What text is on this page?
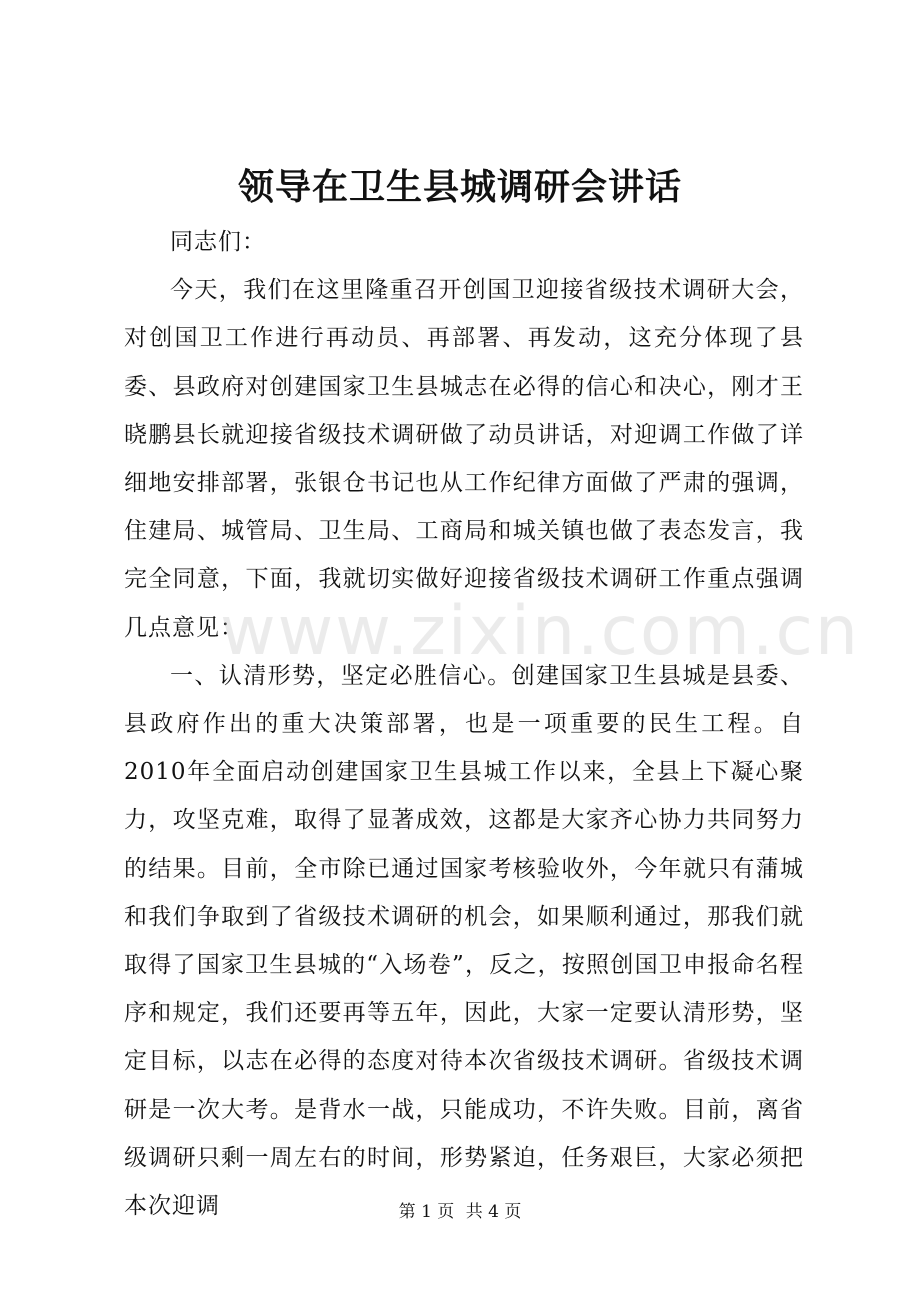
领导在卫生县城调研会讲话

同志们：

今天，我们在这里隆重召开创国卫迎接省级技术调研大会，对创国卫工作进行再动员、再部署、再发动，这充分体现了县委、县政府对创建国家卫生县城志在必得的信心和决心，刚才王晓鹏县长就迎接省级技术调研做了动员讲话，对迎调工作做了详细地安排部署，张银仓书记也从工作纪律方面做了严肃的强调，住建局、城管局、卫生局、工商局和城关镇也做了表态发言，我完全同意，下面，我就切实做好迎接省级技术调研工作重点强调几点意见：

一、认清形势，坚定必胜信心。创建国家卫生县城是县委、县政府作出的重大决策部署，也是一项重要的民生工程。自2010年全面启动创建国家卫生县城工作以来，全县上下凝心聚力，攻坚克难，取得了显著成效，这都是大家齐心协力共同努力的结果。目前，全市除已通过国家考核验收外，今年就只有蒲城和我们争取到了省级技术调研的机会，如果顺利通过，那我们就取得了国家卫生县城的“入场卷”，反之，按照创国卫申报命名程序和规定，我们还要再等五年，因此，大家一定要认清形势，坚定目标，以志在必得的态度对待本次省级技术调研。省级技术调研是一次大考。是背水一战，只能成功，不许失败。目前，离省级调研只剩一周左右的时间，形势紧迫，任务艰巨，大家必须把本次迎调

www.zixin.com.cn
第 1 页 共 4 页
